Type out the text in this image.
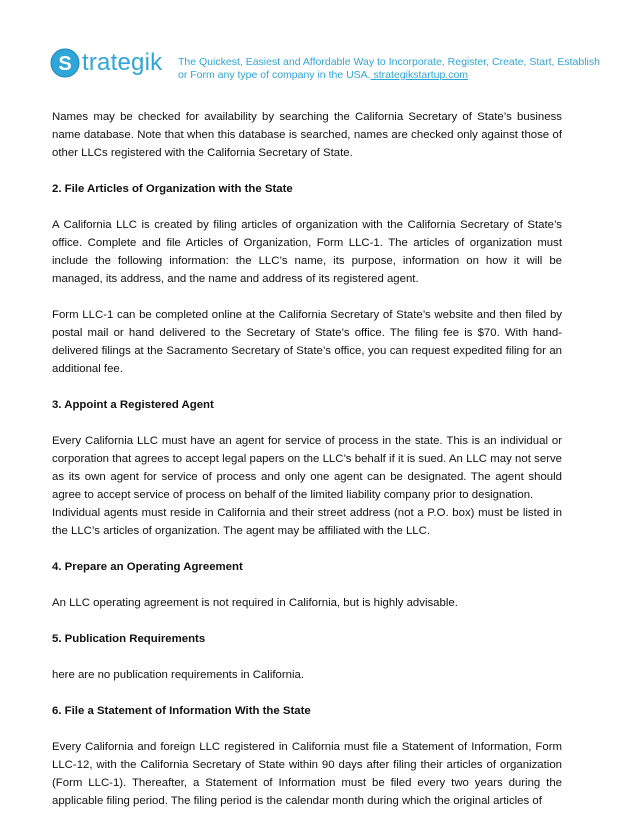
S trategik The Quickest, Easiest and Affordable Way to Incorporate, Register, Create, Start, Establish
or Form any type of company in the USA. strategikstartup.com

Names may be checked for availability by searching the California Secretary of State’s business name database. Note that when this database is searched, names are checked only against those of other LLCs registered with the California Secretary of State.

2. File Articles of Organization with the State

A California LLC is created by filing articles of organization with the California Secretary of State’s office. Complete and file Articles of Organization, Form LLC-1. The articles of organization must include the following information: the LLC’s name, its purpose, information on how it will be managed, its address, and the name and address of its registered agent.

Form LLC-1 can be completed online at the California Secretary of State’s website and then filed by postal mail or hand delivered to the Secretary of State’s office. The filing fee is $70. With hand-delivered filings at the Sacramento Secretary of State’s office, you can request expedited filing for an additional fee.

3. Appoint a Registered Agent

Every California LLC must have an agent for service of process in the state. This is an individual or corporation that agrees to accept legal papers on the LLC’s behalf if it is sued. An LLC may not serve as its own agent for service of process and only one agent can be designated. The agent should agree to accept service of process on behalf of the limited liability company prior to designation.

Individual agents must reside in California and their street address (not a P.O. box) must be listed in the LLC’s articles of organization. The agent may be affiliated with the LLC.

4. Prepare an Operating Agreement

An LLC operating agreement is not required in California, but is highly advisable.

5. Publication Requirements

here are no publication requirements in California.

6. File a Statement of Information With the State

Every California and foreign LLC registered in California must file a Statement of Information, Form LLC-12, with the California Secretary of State within 90 days after filing their articles of organization (Form LLC-1). Thereafter, a Statement of Information must be filed every two years during the applicable filing period. The filing period is the calendar month during which the original articles of
